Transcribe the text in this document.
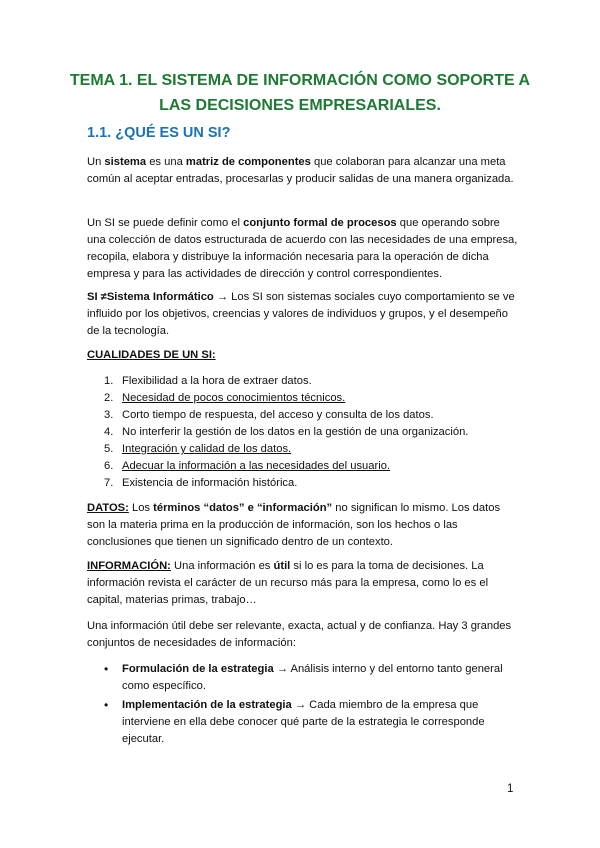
TEMA 1. EL SISTEMA DE INFORMACIÓN COMO SOPORTE A
LAS DECISIONES EMPRESARIALES.
1.1. ¿QUÉ ES UN SI?

Un sistema es una matriz de componentes que colaboran para alcanzar una meta común al aceptar entradas, procesarlas y producir salidas de una manera organizada.

Un SI se puede definir como el conjunto formal de procesos que operando sobre una colección de datos estructurada de acuerdo con las necesidades de una empresa, recopila, elabora y distribuye la información necesaria para la operación de dicha empresa y para las actividades de dirección y control correspondientes.

SI ≠Sistema Informático → Los SI son sistemas sociales cuyo comportamiento se ve influido por los objetivos, creencias y valores de individuos y grupos, y el desempeño de la tecnología.

CUALIDADES DE UN SI:

1. Flexibilidad a la hora de extraer datos.
2. Necesidad de pocos conocimientos técnicos.
3. Corto tiempo de respuesta, del acceso y consulta de los datos.
4. No interferir la gestión de los datos en la gestión de una organización.
5. Integración y calidad de los datos.
6. Adecuar la información a las necesidades del usuario.
7. Existencia de información histórica.

DATOS: Los términos “datos” e “información” no significan lo mismo. Los datos son la materia prima en la producción de información, son los hechos o las conclusiones que tienen un significado dentro de un contexto.

INFORMACIÓN: Una información es útil si lo es para la toma de decisiones. La información revista el carácter de un recurso más para la empresa, como lo es el capital, materias primas, trabajo…

Una información útil debe ser relevante, exacta, actual y de confianza. Hay 3 grandes conjuntos de necesidades de información:

• Formulación de la estrategia → Análisis interno y del entorno tanto general como específico.
• Implementación de la estrategia → Cada miembro de la empresa que interviene en ella debe conocer qué parte de la estrategia le corresponde ejecutar.
1
